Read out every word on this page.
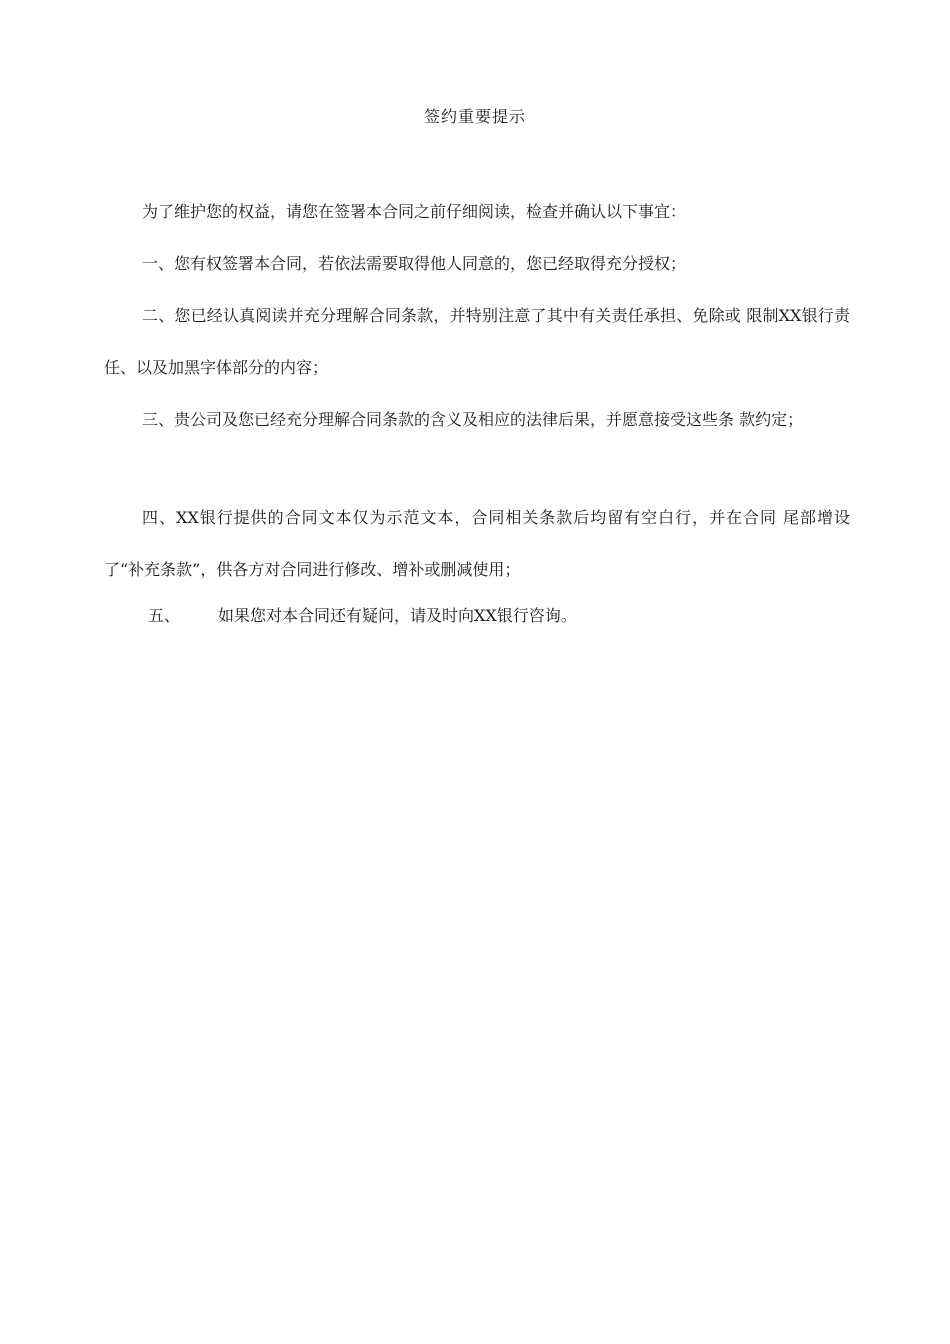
签约重要提示

为了维护您的权益，请您在签署本合同之前仔细阅读，检查并确认以下事宜：

一、您有权签署本合同，若依法需要取得他人同意的，您已经取得充分授权；

二、您已经认真阅读并充分理解合同条款，并特别注意了其中有关责任承担、免除或 限制XX银行责任、以及加黑字体部分的内容；

三、贵公司及您已经充分理解合同条款的含义及相应的法律后果，并愿意接受这些条 款约定；

四、XX银行提供的合同文本仅为示范文本，合同相关条款后均留有空白行，并在合同 尾部增设了“补充条款”，供各方对合同进行修改、增补或删减使用；

五、 如果您对本合同还有疑问，请及时向XX银行咨询。
